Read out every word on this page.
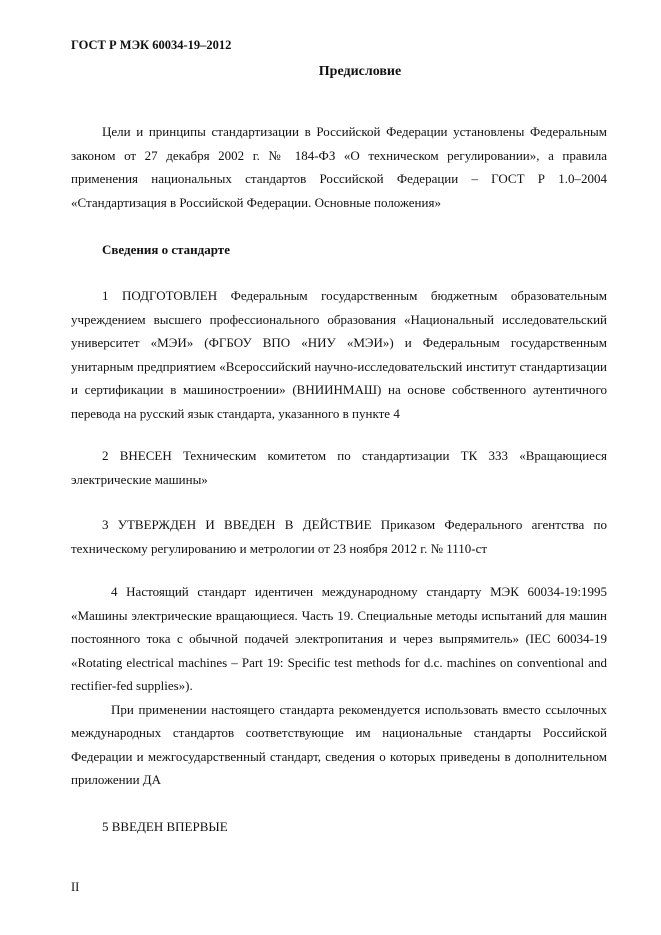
ГОСТ Р МЭК 60034-19–2012
Предисловие

Цели и принципы стандартизации в Российской Федерации установлены Федеральным законом от 27 декабря 2002 г. № 184-ФЗ «О техническом регулировании», а правила применения национальных стандартов Российской Федерации – ГОСТ Р 1.0–2004 «Стандартизация в Российской Федерации. Основные положения»

Сведения о стандарте

1 ПОДГОТОВЛЕН Федеральным государственным бюджетным образовательным учреждением высшего профессионального образования «Национальный исследовательский университет «МЭИ» (ФГБОУ ВПО «НИУ «МЭИ») и Федеральным государственным унитарным предприятием «Всероссийский научно-исследовательский институт стандартизации и сертификации в машиностроении» (ВНИИНМАШ) на основе собственного аутентичного перевода на русский язык стандарта, указанного в пункте 4

2 ВНЕСЕН Техническим комитетом по стандартизации ТК 333 «Вращающиеся электрические машины»

3 УТВЕРЖДЕН И ВВЕДЕН В ДЕЙСТВИЕ Приказом Федерального агентства по техническому регулированию и метрологии от 23 ноября 2012 г. № 1110-ст

4 Настоящий стандарт идентичен международному стандарту МЭК 60034-19:1995 «Машины электрические вращающиеся. Часть 19. Специальные методы испытаний для машин постоянного тока с обычной подачей электропитания и через выпрямитель» (IEC 60034-19 «Rotating electrical machines – Part 19: Specific test methods for d.c. machines on conventional and rectifier-fed supplies»).

При применении настоящего стандарта рекомендуется использовать вместо ссылочных международных стандартов соответствующие им национальные стандарты Российской Федерации и межгосударственный стандарт, сведения о которых приведены в дополнительном приложении ДА

5 ВВЕДЕН ВПЕРВЫЕ

II
